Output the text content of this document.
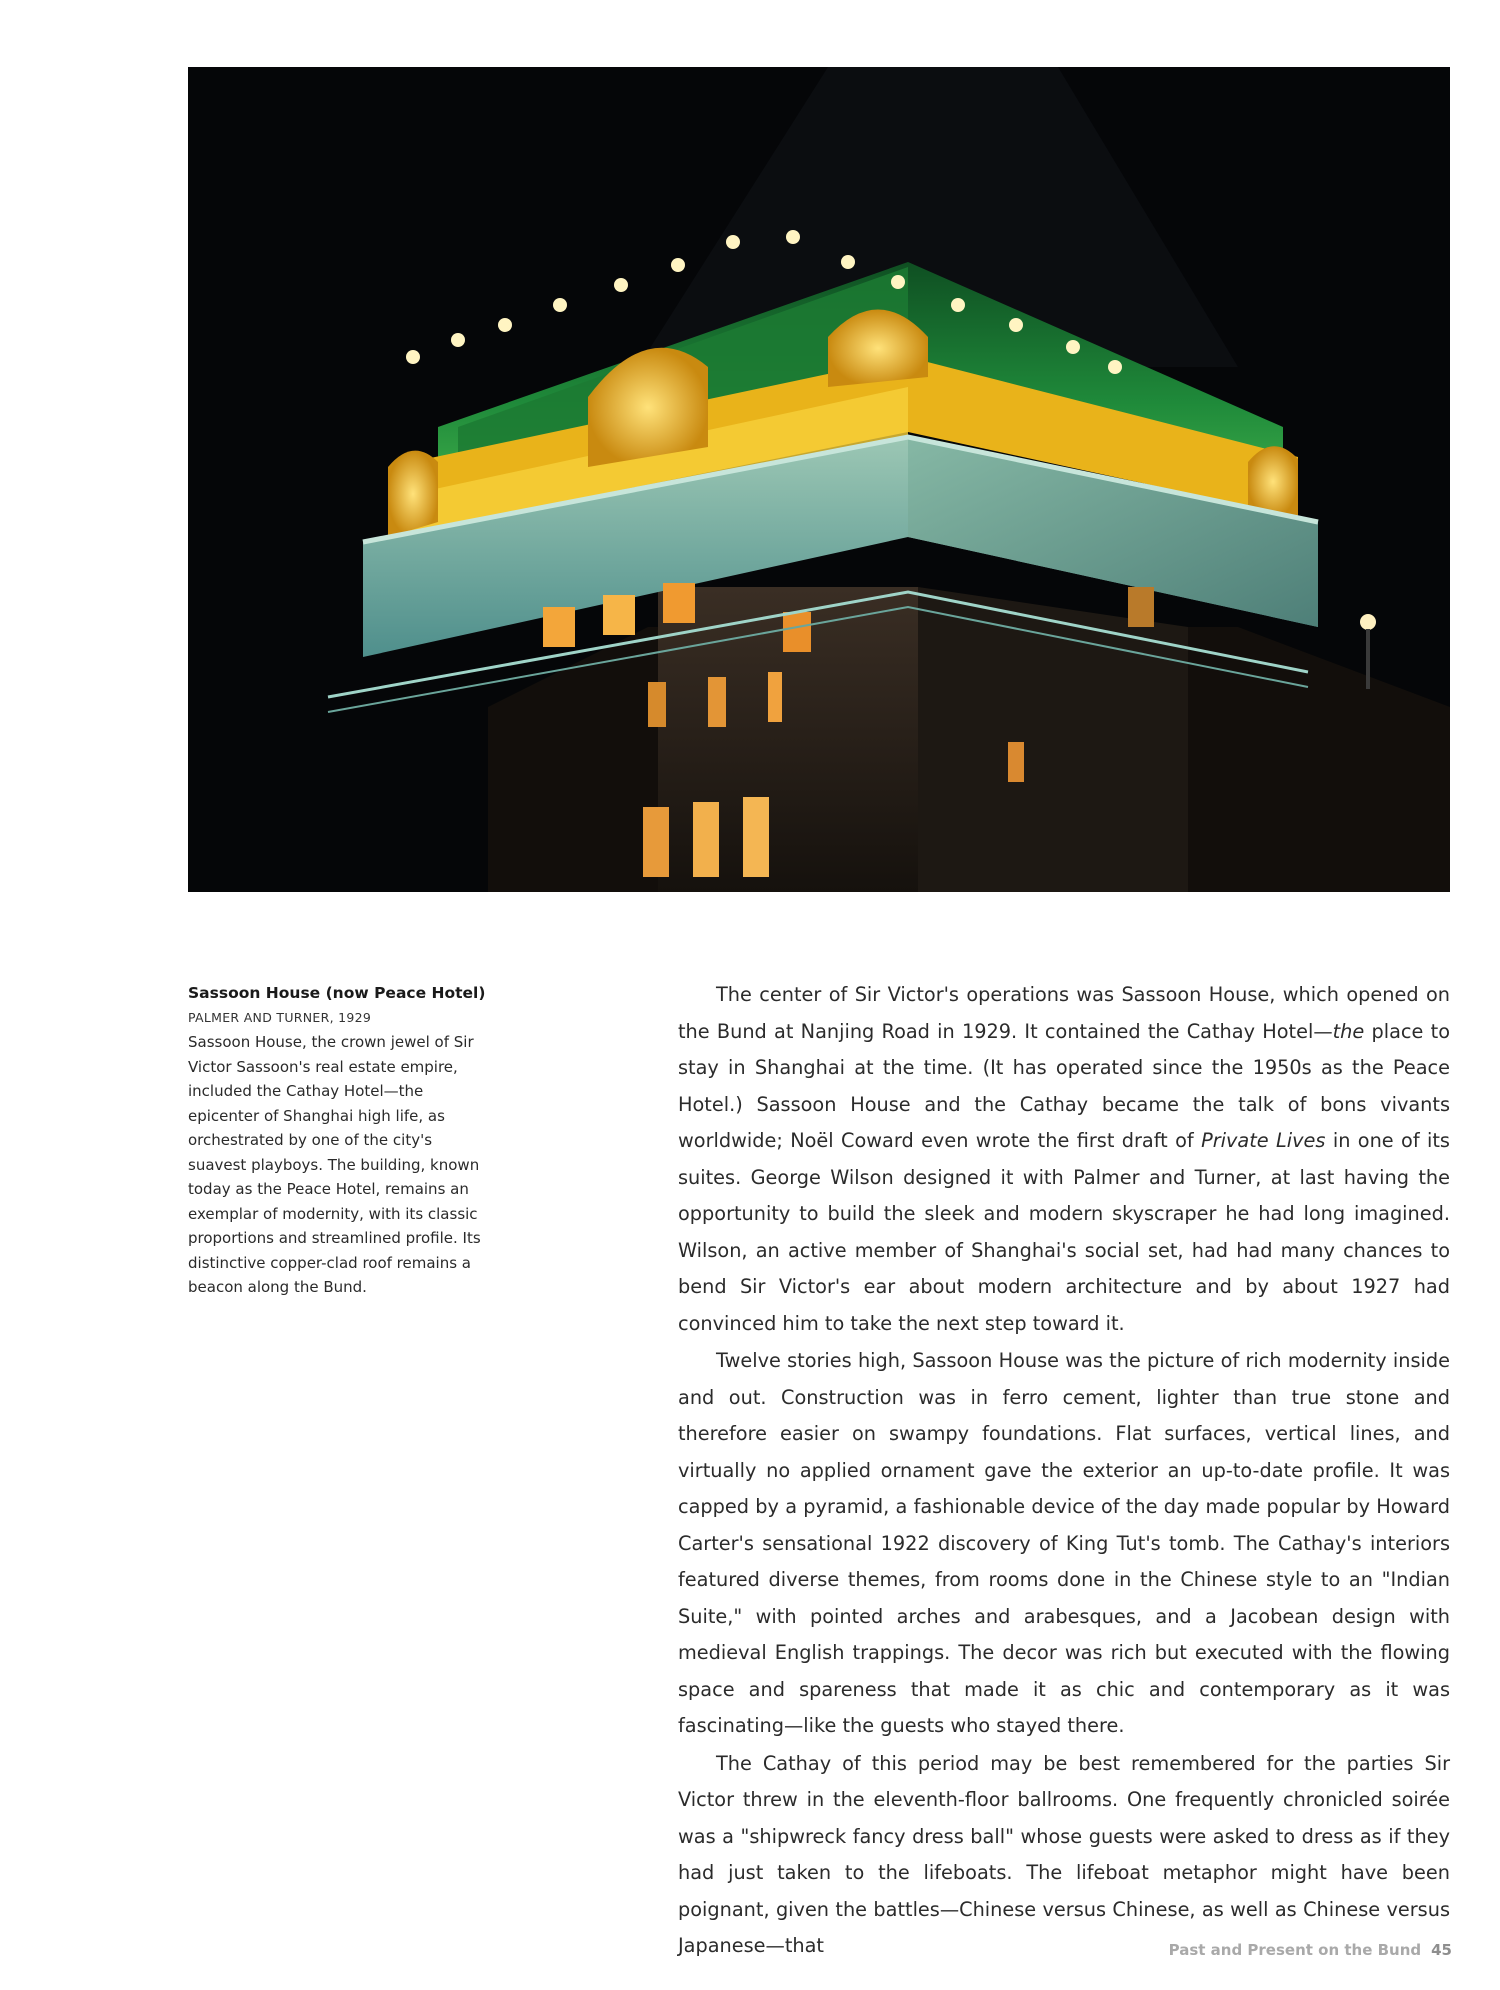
Sassoon House (now Peace Hotel)
PALMER AND TURNER, 1929

Sassoon House, the crown jewel of Sir Victor Sassoon's real estate empire, included the Cathay Hotel—the epicenter of Shanghai high life, as orchestrated by one of the city's suavest playboys. The building, known today as the Peace Hotel, remains an exemplar of modernity, with its classic proportions and streamlined profile. Its distinctive copper-clad roof remains a beacon along the Bund.

The center of Sir Victor's operations was Sassoon House, which opened on the Bund at Nanjing Road in 1929. It contained the Cathay Hotel—the place to stay in Shanghai at the time. (It has operated since the 1950s as the Peace Hotel.) Sassoon House and the Cathay became the talk of bons vivants worldwide; Noël Coward even wrote the first draft of Private Lives in one of its suites. George Wilson designed it with Palmer and Turner, at last having the opportunity to build the sleek and modern skyscraper he had long imagined. Wilson, an active member of Shanghai's social set, had had many chances to bend Sir Victor's ear about modern architecture and by about 1927 had convinced him to take the next step toward it.

Twelve stories high, Sassoon House was the picture of rich modernity inside and out. Construction was in ferro cement, lighter than true stone and therefore easier on swampy foundations. Flat surfaces, vertical lines, and virtually no applied ornament gave the exterior an up-to-date profile. It was capped by a pyramid, a fashionable device of the day made popular by Howard Carter's sensational 1922 discovery of King Tut's tomb. The Cathay's interiors featured diverse themes, from rooms done in the Chinese style to an "Indian Suite," with pointed arches and arabesques, and a Jacobean design with medieval English trappings. The decor was rich but executed with the flowing space and spareness that made it as chic and contemporary as it was fascinating—like the guests who stayed there.

The Cathay of this period may be best remembered for the parties Sir Victor threw in the eleventh-floor ballrooms. One frequently chronicled soirée was a "shipwreck fancy dress ball" whose guests were asked to dress as if they had just taken to the lifeboats. The lifeboat metaphor might have been poignant, given the battles—Chinese versus Chinese, as well as Chinese versus Japanese—that	Past and Present on the Bund 45
